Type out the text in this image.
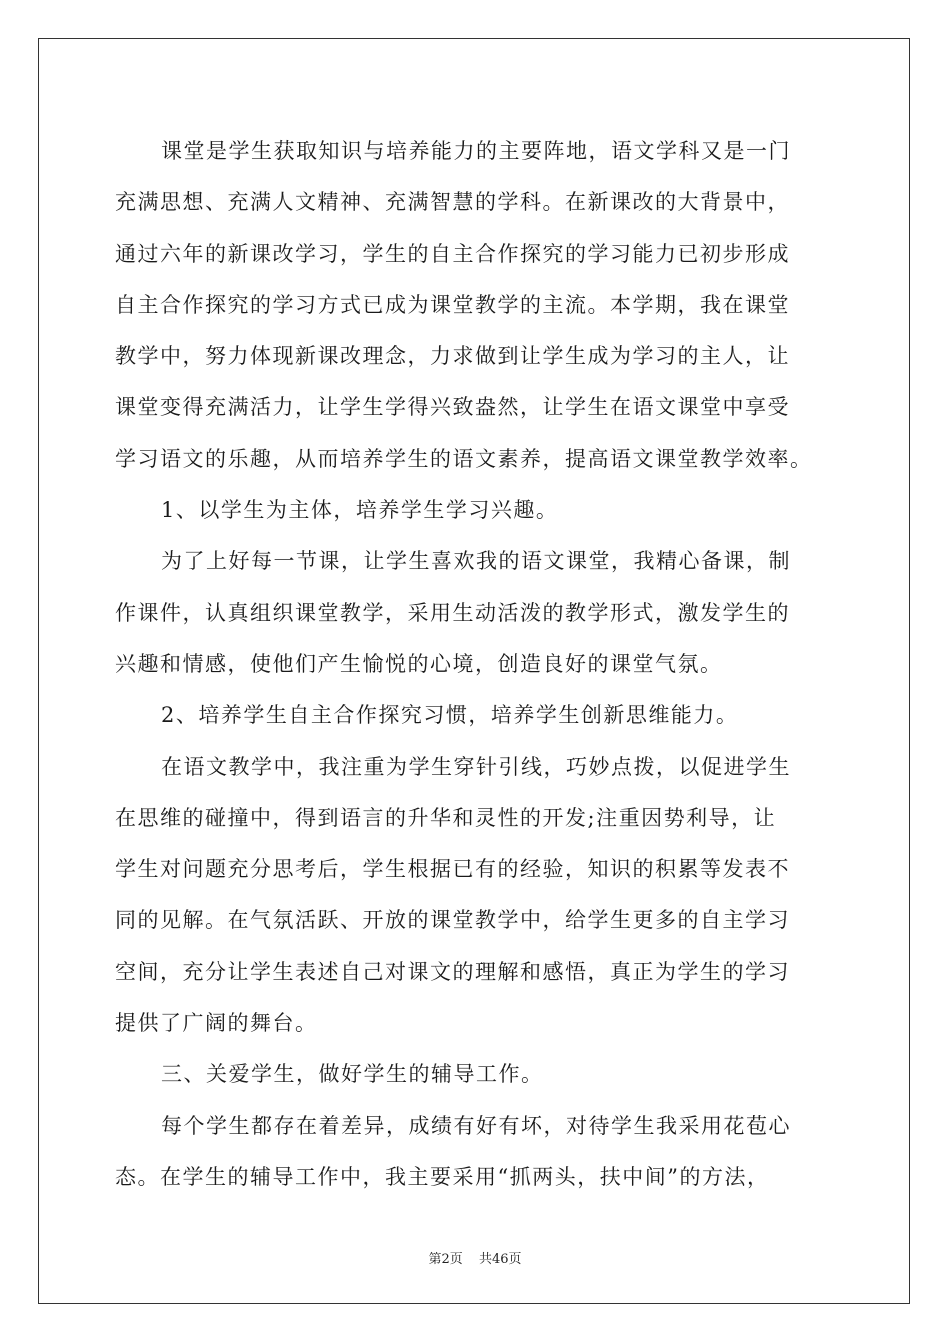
课堂是学生获取知识与培养能力的主要阵地，语文学科又是一门
充满思想、充满人文精神、充满智慧的学科。在新课改的大背景中，
通过六年的新课改学习，学生的自主合作探究的学习能力已初步形成
自主合作探究的学习方式已成为课堂教学的主流。本学期，我在课堂
教学中，努力体现新课改理念，力求做到让学生成为学习的主人，让
课堂变得充满活力，让学生学得兴致盎然，让学生在语文课堂中享受
学习语文的乐趣，从而培养学生的语文素养，提高语文课堂教学效率。
1、以学生为主体，培养学生学习兴趣。
为了上好每一节课，让学生喜欢我的语文课堂，我精心备课，制
作课件，认真组织课堂教学，采用生动活泼的教学形式，激发学生的
兴趣和情感，使他们产生愉悦的心境，创造良好的课堂气氛。
2、培养学生自主合作探究习惯，培养学生创新思维能力。
在语文教学中，我注重为学生穿针引线，巧妙点拨，以促进学生
在思维的碰撞中，得到语言的升华和灵性的开发;注重因势利导，让
学生对问题充分思考后，学生根据已有的经验，知识的积累等发表不
同的见解。在气氛活跃、开放的课堂教学中，给学生更多的自主学习
空间，充分让学生表述自己对课文的理解和感悟，真正为学生的学习
提供了广阔的舞台。
三、关爱学生，做好学生的辅导工作。
每个学生都存在着差异，成绩有好有坏，对待学生我采用花苞心
态。在学生的辅导工作中，我主要采用“抓两头，扶中间”的方法，
第2页 共46页
